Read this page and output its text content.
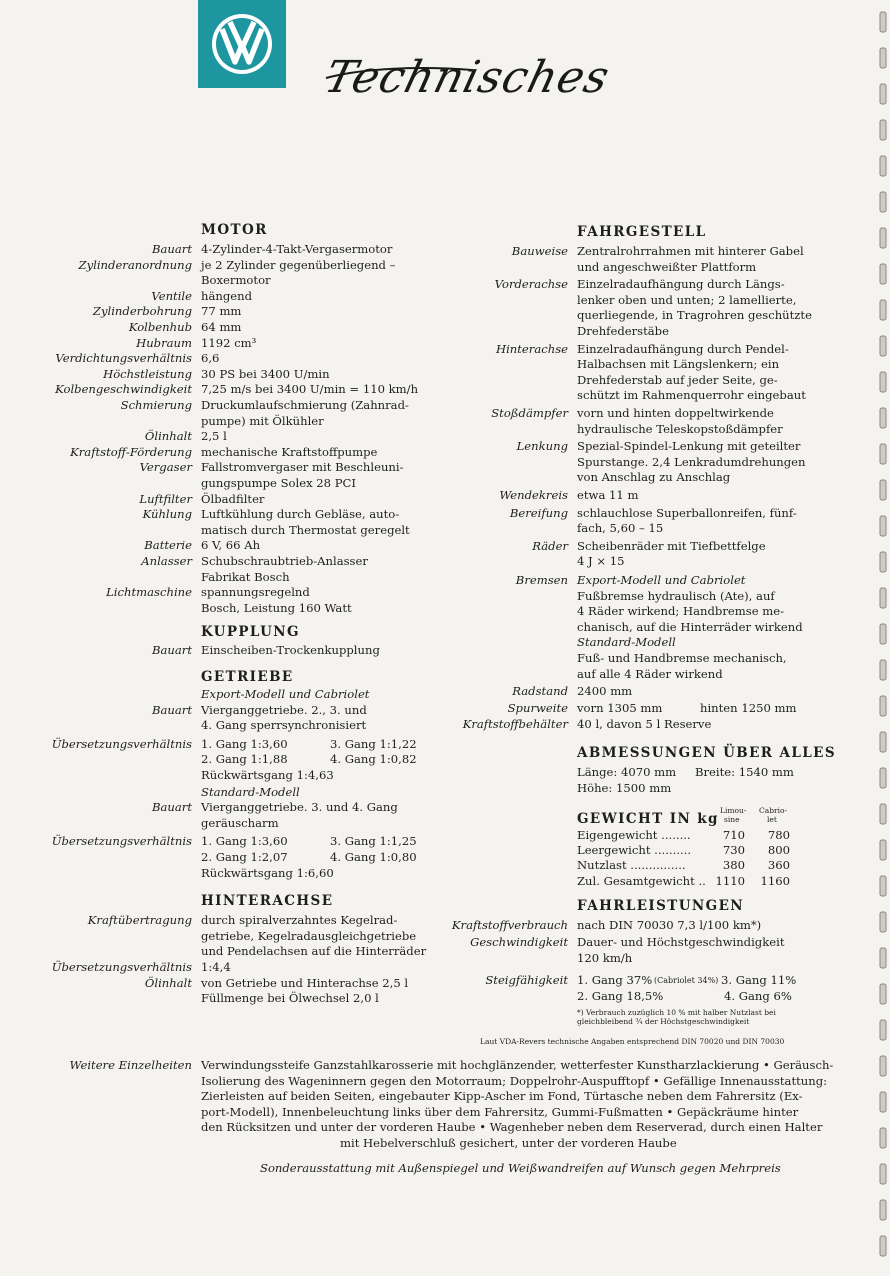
Technisches
MOTOR
Bauart 4-Zylinder-4-Takt-Vergasermotor
Zylinderanordnung je 2 Zylinder gegenüberliegend –
Boxermotor
Ventile hängend
Zylinderbohrung 77 mm
Kolbenhub 64 mm
Hubraum 1192 cm³
Verdichtungsverhältnis 6,6
Höchstleistung 30 PS bei 3400 U/min
Kolbengeschwindigkeit 7,25 m/s bei 3400 U/min = 110 km/h
Schmierung Druckumlaufschmierung (Zahnrad-
pumpe) mit Ölkühler
Ölinhalt 2,5 l
Kraftstoff-Förderung mechanische Kraftstoffpumpe
Vergaser Fallstromvergaser mit Beschleuni-
gungspumpe Solex 28 PCI
Luftfilter Ölbadfilter
Kühlung Luftkühlung durch Gebläse, auto-
matisch durch Thermostat geregelt
Batterie 6 V, 66 Ah
Anlasser Schubschraubtrieb-Anlasser
Fabrikat Bosch
Lichtmaschine spannungsregelnd
Bosch, Leistung 160 Watt
KUPPLUNG
Bauart Einscheiben-Trockenkupplung
GETRIEBE
Export-Modell und Cabriolet
Bauart Vierganggetriebe. 2., 3. und
4. Gang sperrsynchronisiert
Übersetzungsverhältnis 1. Gang 1:3,60	3. Gang 1:1,22
2. Gang 1:1,88	4. Gang 1:0,82
Rückwärtsgang 1:4,63
Standard-Modell
Bauart Vierganggetriebe. 3. und 4. Gang
geräuscharm
Übersetzungsverhältnis 1. Gang 1:3,60	3. Gang 1:1,25
2. Gang 1:2,07	4. Gang 1:0,80
Rückwärtsgang 1:6,60
HINTERACHSE
Kraftübertragung durch spiralverzahntes Kegelrad-
getriebe, Kegelradausgleichgetriebe
und Pendelachsen auf die Hinterräder
Übersetzungsverhältnis 1:4,4
Ölinhalt von Getriebe und Hinterachse 2,5 l
Füllmenge bei Ölwechsel 2,0 l
FAHRGESTELL
Bauweise Zentralrohrrahmen mit hinterer Gabel
und angeschweißter Plattform
Vorderachse Einzelradaufhängung durch Längs-
lenker oben und unten; 2 lamellierte,
querliegende, in Tragrohren geschützte
Drehfederstäbe
Hinterachse Einzelradaufhängung durch Pendel-
Halbachsen mit Längslenkern; ein
Drehfederstab auf jeder Seite, ge-
schützt im Rahmenquerrohr eingebaut
Stoßdämpfer vorn und hinten doppeltwirkende
hydraulische Teleskopstoßdämpfer
Lenkung Spezial-Spindel-Lenkung mit geteilter
Spurstange. 2,4 Lenkradumdrehungen
von Anschlag zu Anschlag
Wendekreis etwa 11 m
Bereifung schlauchlose Superballonreifen, fünf-
fach, 5,60 – 15
Räder Scheibenräder mit Tiefbettfelge
4 J × 15
Bremsen Export-Modell und Cabriolet
Fußbremse hydraulisch (Ate), auf
4 Räder wirkend; Handbremse me-
chanisch, auf die Hinterräder wirkend
Standard-Modell
Fuß- und Handbremse mechanisch,
auf alle 4 Räder wirkend
Radstand 2400 mm
Spurweite vorn 1305 mm	hinten 1250 mm
Kraftstoffbehälter 40 l, davon 5 l Reserve
ABMESSUNGEN ÜBER ALLES
Länge: 4070 mm Breite: 1540 mm
Höhe: 1500 mm
GEWICHT IN kg
Limou-
sine
Cabrio-
let
Eigengewicht ........	710 780
Leergewicht ..........	730 800
Nutzlast ...............	380 360
Zul. Gesamtgewicht .. 1110 1160
FAHRLEISTUNGEN
Kraftstoffverbrauch nach DIN 70030 7,3 l/100 km*)
Geschwindigkeit Dauer- und Höchstgeschwindigkeit
120 km/h
Steigfähigkeit 1. Gang 37% (Cabriolet 34%) 3. Gang 11%
2. Gang 18,5%	4. Gang 6%
*) Verbrauch zuzüglich 10 % mit halber Nutzlast bei
gleichbleibend ¾ der Höchstgeschwindigkeit
Laut VDA-Revers technische Angaben entsprechend DIN 70020 und DIN 70030
Weitere Einzelheiten Verwindungssteife Ganzstahlkarosserie mit hochglänzender, wetterfester Kunstharzlackierung • Geräusch-
Isolierung des Wageninnern gegen den Motorraum; Doppelrohr-Auspufftopf • Gefällige Innenausstattung:
Zierleisten auf beiden Seiten, eingebauter Kipp-Ascher im Fond, Türtasche neben dem Fahrersitz (Ex-
port-Modell), Innenbeleuchtung links über dem Fahrersitz, Gummi-Fußmatten • Gepäckräume hinter
den Rücksitzen und unter der vorderen Haube • Wagenheber neben dem Reserverad, durch einen Halter
mit Hebelverschluß gesichert, unter der vorderen Haube
Sonderausstattung mit Außenspiegel und Weißwandreifen auf Wunsch gegen Mehrpreis
